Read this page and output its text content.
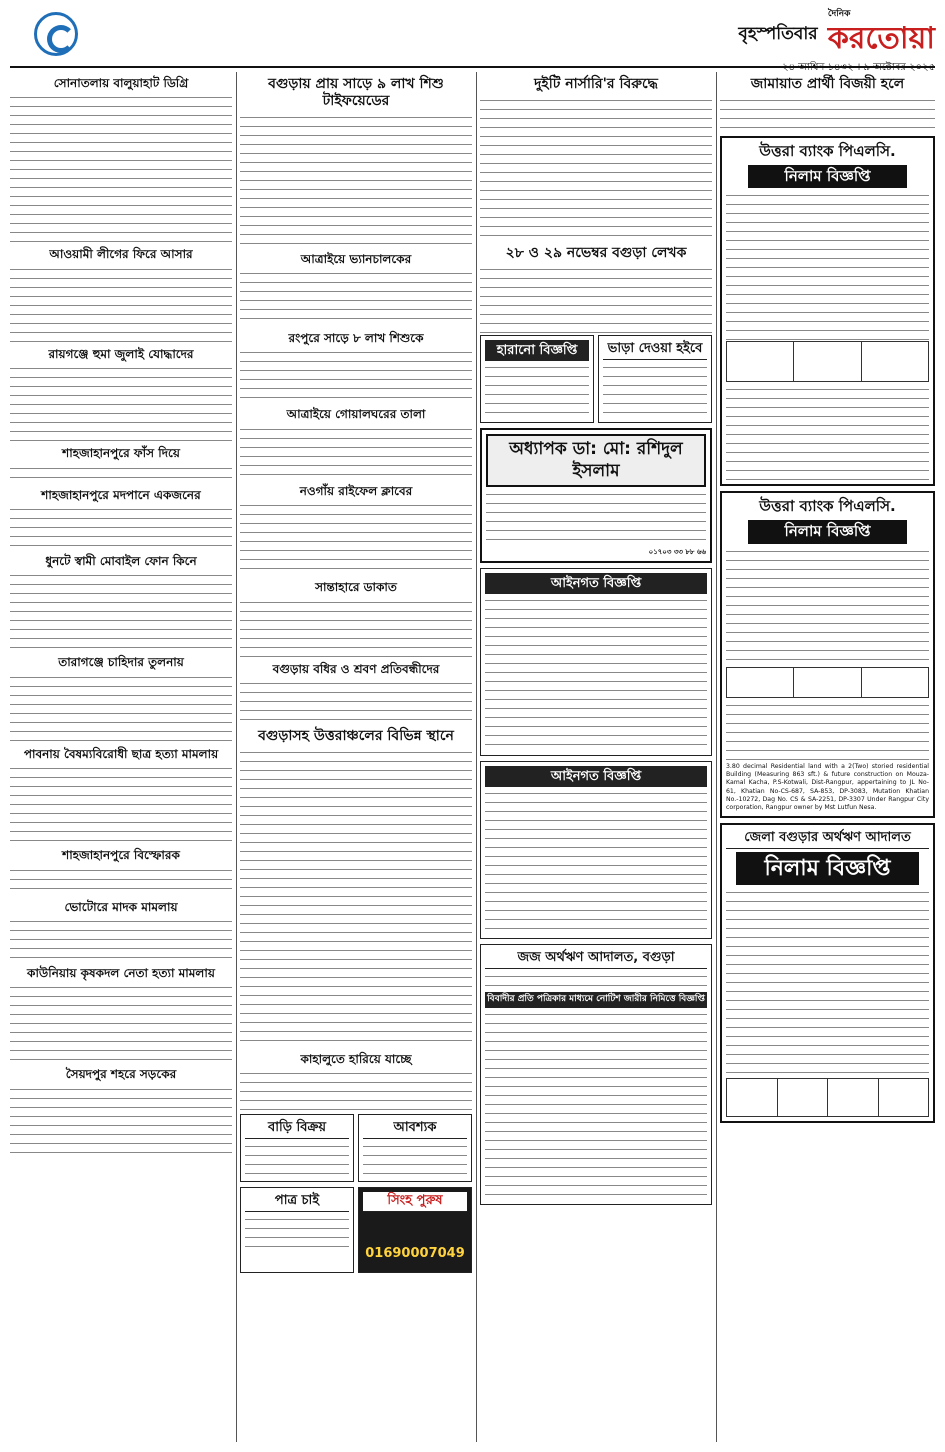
বৃহস্পতিবার
দৈনিক
করতোয়া
২৪ আশ্বিন ১৪৩২ । ৯ অক্টোবর ২০২৫
সোনাতলায় বালুয়াহাট ডিগ্রি
আওয়ামী লীগের ফিরে আসার
রায়গঞ্জে হুমা জুলাই যোদ্ধাদের
শাহজাহানপুরে ফাঁস দিয়ে
শাহজাহানপুরে মদপানে একজনের
ধুনটে স্বামী মোবাইল ফোন কিনে
তারাগঞ্জে চাহিদার তুলনায়
পাবনায় বৈষম্যবিরোধী ছাত্র হত্যা মামলায়
শাহজাহানপুরে বিস্ফোরক
ভোটোরে মাদক মামলায়
কাউনিয়ায় কৃষকদল নেতা হত্যা মামলায়
সৈয়দপুর শহরে সড়কের
বগুড়ায় প্রায় সাড়ে ৯ লাখ শিশু টাইফয়েডের
আত্রাইয়ে ভ্যানচালকের
রংপুরে সাড়ে ৮ লাখ শিশুকে
আত্রাইয়ে গোয়ালঘরের তালা
নওগাঁয় রাইফেল ক্লাবের
সান্তাহারে ডাকাত
বগুড়ায় বধির ও শ্রবণ প্রতিবন্ধীদের
বগুড়াসহ উত্তরাঞ্চলের বিভিন্ন স্থানে
কাহালুতে হারিয়ে যাচ্ছে
বাড়ি বিক্রয়	আবশ্যক
পাত্র চাই	সিংহ পুরুষ
01690007049
দুইটি নার্সারি'র বিরুদ্ধে
২৮ ও ২৯ নভেম্বর বগুড়া লেখক
হারানো বিজ্ঞপ্তি	ভাড়া দেওয়া হইবে
অধ্যাপক ডা: মো: রশিদুল ইসলাম
০১৭০৩ ৩৩ ৮৮ ৬৬
আইনগত বিজ্ঞপ্তি
আইনগত বিজ্ঞপ্তি
জজ অর্থঋণ আদালত, বগুড়া
বিবাদীর প্রতি পত্রিকার মাধ্যমে নোটিশ জারীর নিমিত্তে বিজ্ঞপ্তি
জামায়াত প্রার্থী বিজয়ী হলে
উত্তরা ব্যাংক পিএলসি.
নিলাম বিজ্ঞপ্তি

উত্তরা ব্যাংক পিএলসি.
নিলাম বিজ্ঞপ্তি

3.80 decimal Residential land with a 2(Two) storied residential Building (Measuring 863 sft.) & future construction on Mouza-Kamal Kacha, P.S-Kotwali, Dist-Rangpur, appertaining to JL No-61, Khatian No-CS-687, SA-853, DP-3083, Mutation Khatian No.-10272, Dag No. CS & SA-2251, DP-3307 Under Rangpur City corporation, Rangpur owner by Mst Lutfun Nesa.
জেলা বগুড়ার অর্থঋণ আদালত
নিলাম বিজ্ঞপ্তি
